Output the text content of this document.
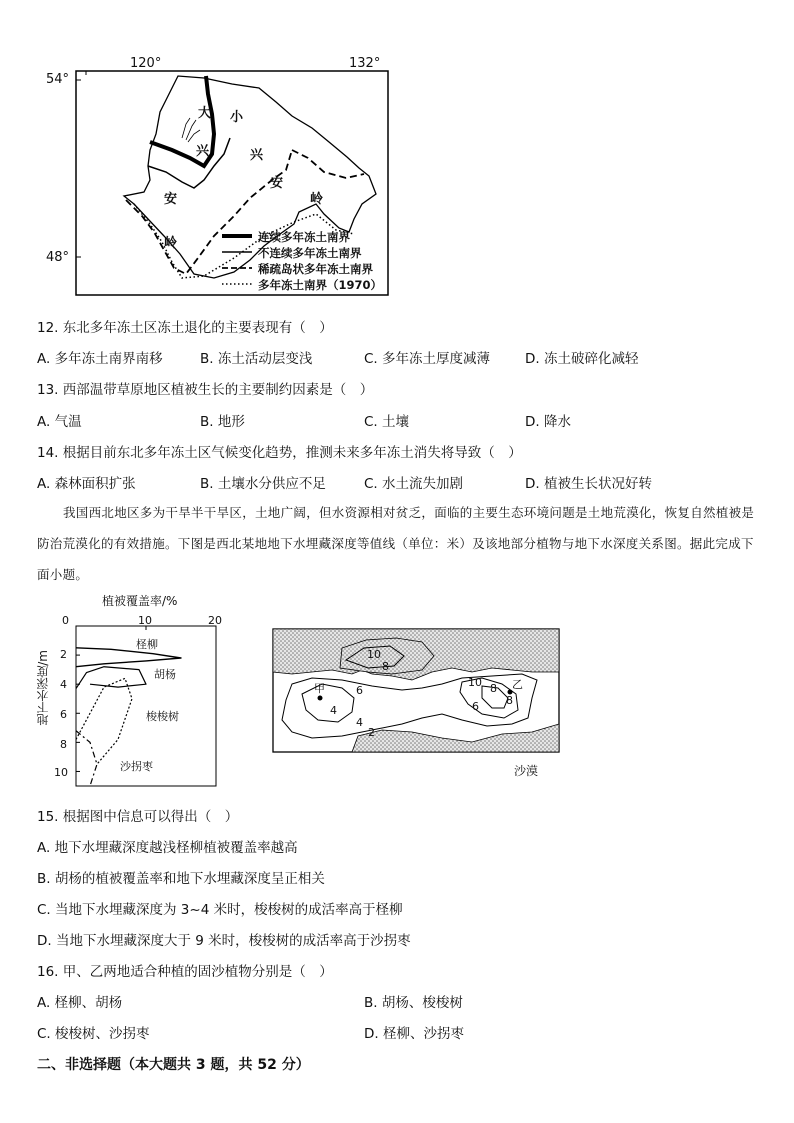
120°	132°
54°
48°
大
兴
安
岭
小
兴
安
岭
连续多年冻土南界
不连续多年冻土南界
稀疏岛状多年冻土南界
多年冻土南界（1970）
12. 东北多年冻土区冻土退化的主要表现有（　）
A. 多年冻土南界南移	B. 冻土活动层变浅	C. 多年冻土厚度减薄	D. 冻土破碎化减轻
13. 西部温带草原地区植被生长的主要制约因素是（　）
A. 气温	B. 地形	C. 土壤	D. 降水
14. 根据目前东北多年冻土区气候变化趋势，推测未来多年冻土消失将导致（　）
A. 森林面积扩张	B. 土壤水分供应不足	C. 水土流失加剧	D. 植被生长状况好转
我国西北地区多为干旱半干旱区，土地广阔，但水资源相对贫乏，面临的主要生态环境问题是土地荒漠化，恢复自然植被是防治荒漠化的有效措施。下图是西北某地地下水埋藏深度等值线（单位：米）及该地部分植物与地下水深度关系图。据此完成下面小题。
植被覆盖率/%
0	10	20
2
4
6
8
10
地下水深度/m
柽柳
胡杨
梭梭树
沙拐枣
10
8
10 8
6
4
4
2
6 8
甲	乙
沙漠
15. 根据图中信息可以得出（　）
A. 地下水埋藏深度越浅柽柳植被覆盖率越高
B. 胡杨的植被覆盖率和地下水埋藏深度呈正相关
C. 当地下水埋藏深度为 3~4 米时，梭梭树的成活率高于柽柳
D. 当地下水埋藏深度大于 9 米时，梭梭树的成活率高于沙拐枣
16. 甲、乙两地适合种植的固沙植物分别是（　）
A. 柽柳、胡杨	B. 胡杨、梭梭树
C. 梭梭树、沙拐枣	D. 柽柳、沙拐枣
二、非选择题（本大题共 3 题，共 52 分）
